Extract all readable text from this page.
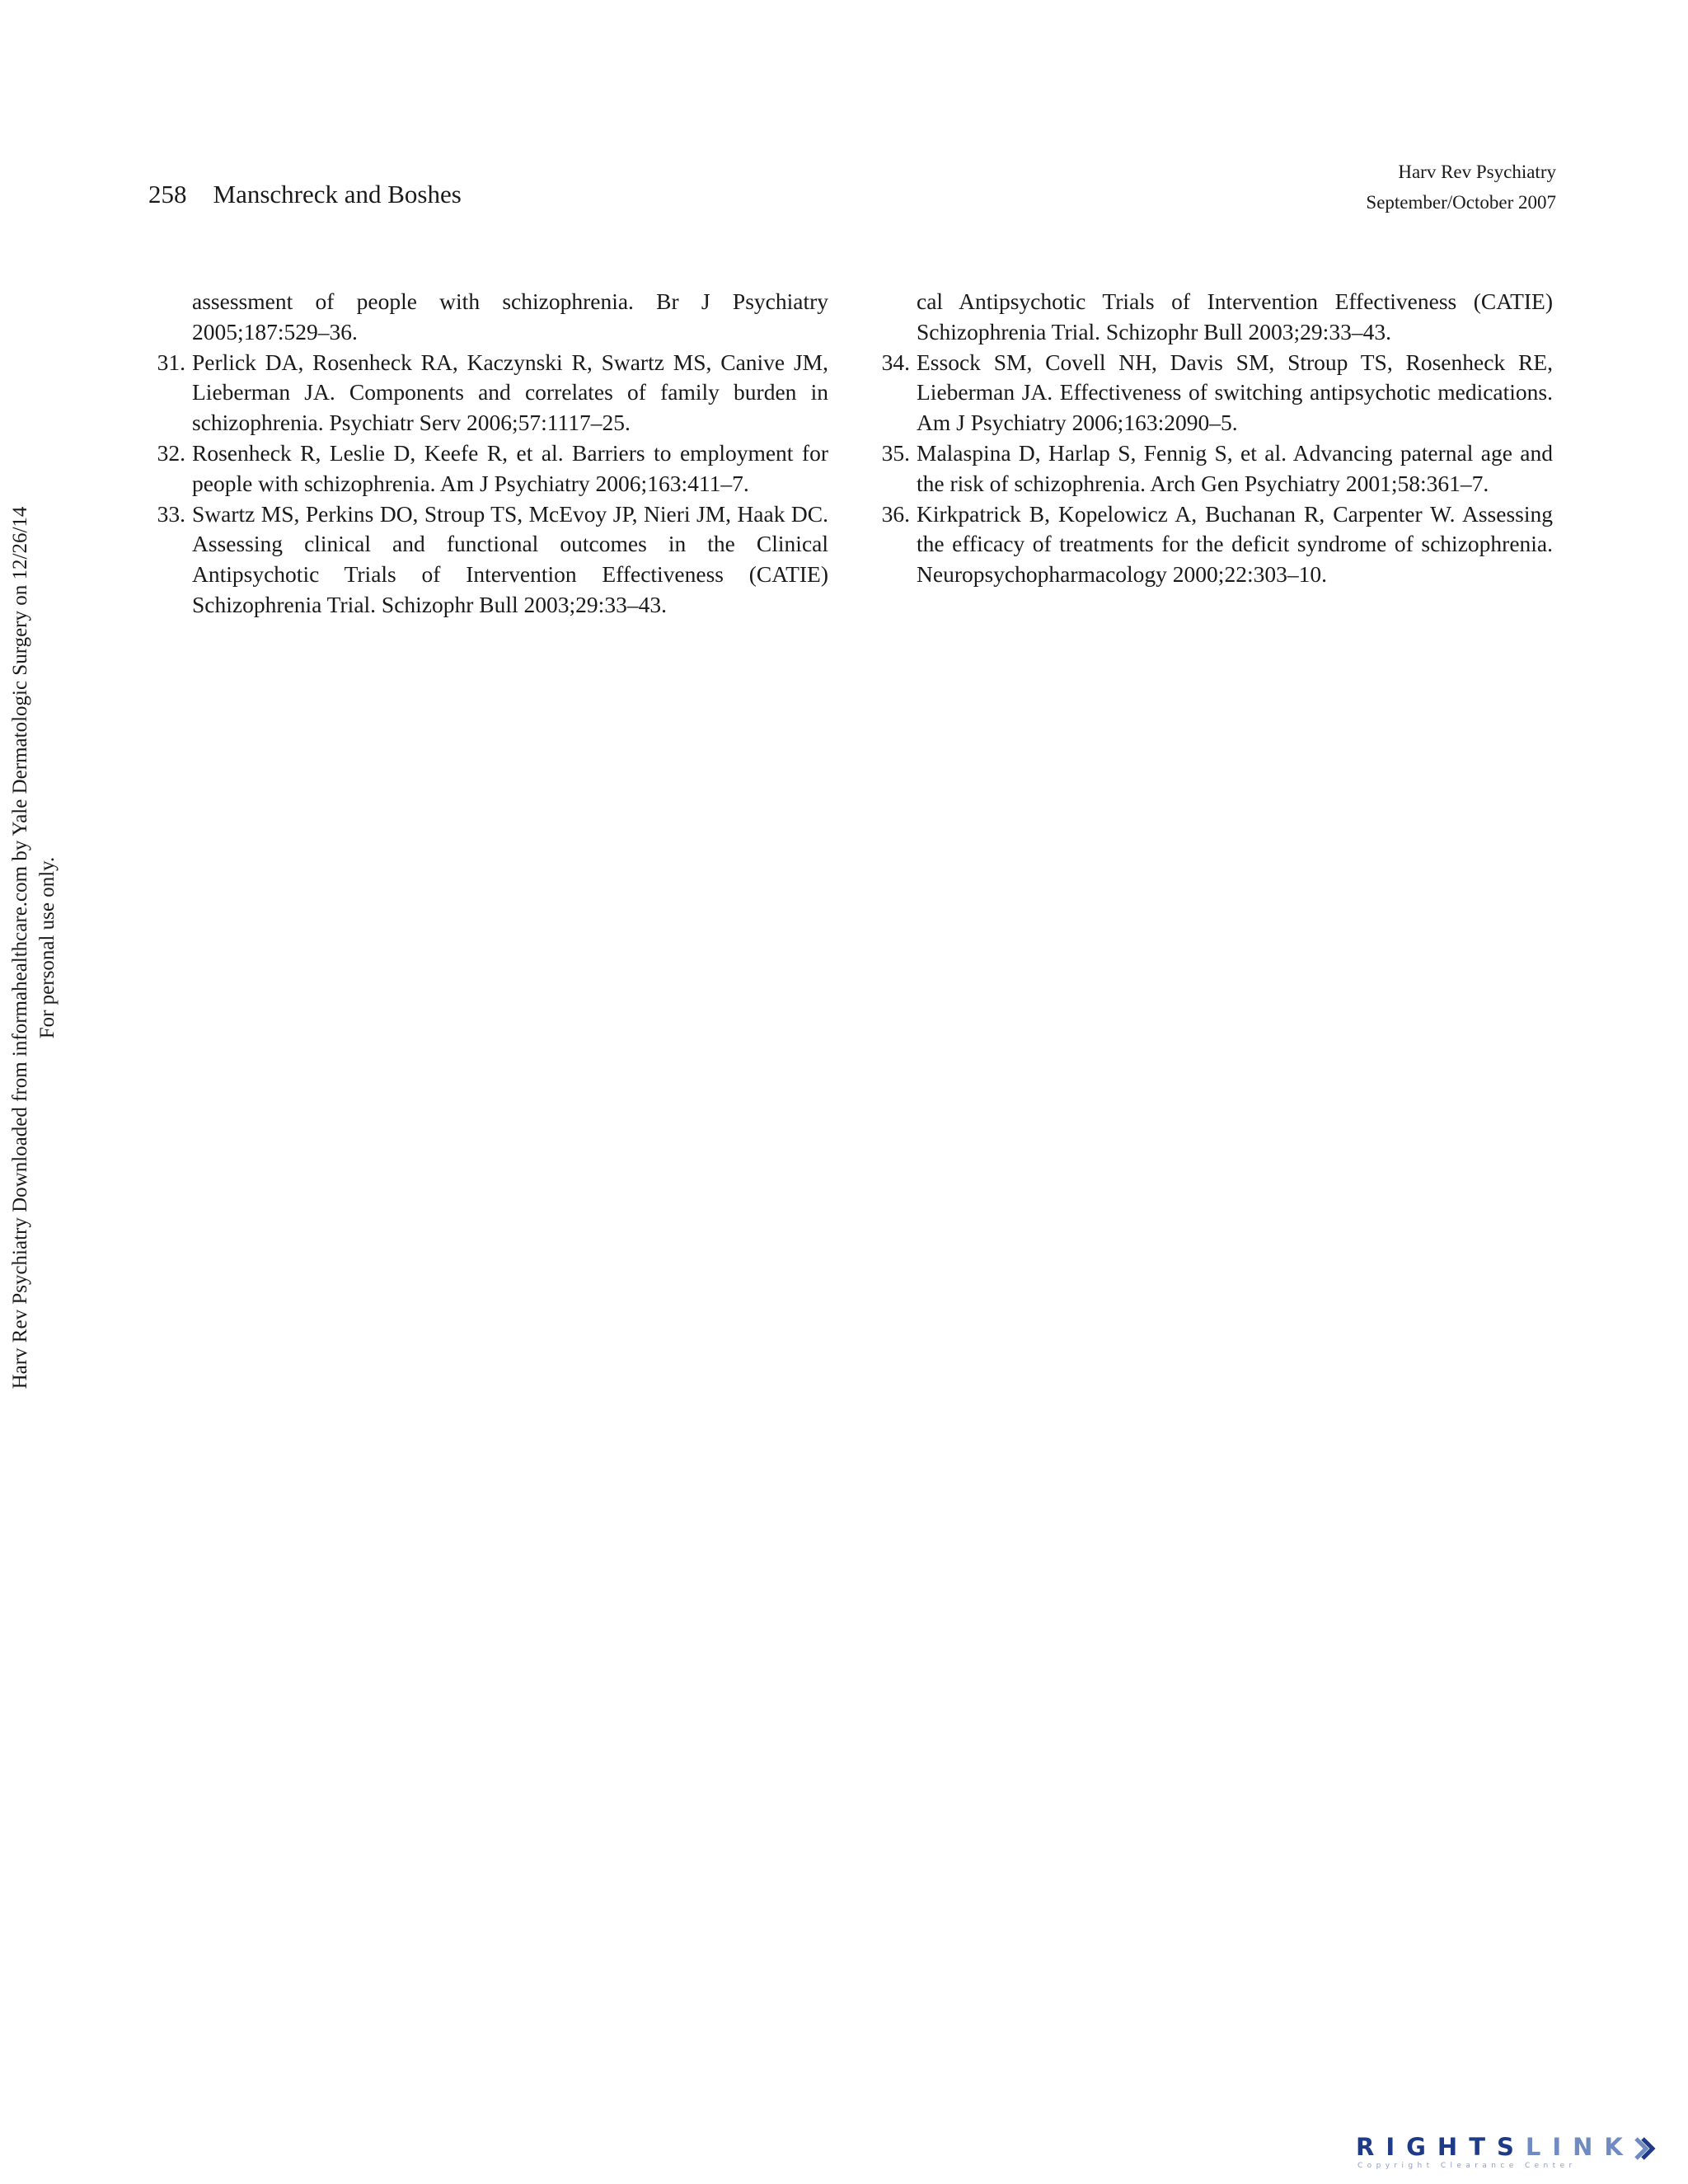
258 Manschreck and Boshes
Harv Rev Psychiatry
September/October 2007
assessment of people with schizophrenia. Br J Psychiatry 2005;187:529–36.
31. Perlick DA, Rosenheck RA, Kaczynski R, Swartz MS, Canive JM, Lieberman JA. Components and correlates of family burden in schizophrenia. Psychiatr Serv 2006;57:1117–25.
32. Rosenheck R, Leslie D, Keefe R, et al. Barriers to employment for people with schizophrenia. Am J Psychiatry 2006;163:411–7.
33. Swartz MS, Perkins DO, Stroup TS, McEvoy JP, Nieri JM, Haak DC. Assessing clinical and functional outcomes in the Clinical Antipsychotic Trials of Intervention Effectiveness (CATIE) Schizophrenia Trial. Schizophr Bull 2003;29:33–43.
cal Antipsychotic Trials of Intervention Effectiveness (CATIE) Schizophrenia Trial. Schizophr Bull 2003;29:33–43.
34. Essock SM, Covell NH, Davis SM, Stroup TS, Rosenheck RE, Lieberman JA. Effectiveness of switching antipsychotic medications. Am J Psychiatry 2006;163:2090–5.
35. Malaspina D, Harlap S, Fennig S, et al. Advancing paternal age and the risk of schizophrenia. Arch Gen Psychiatry 2001;58:361–7.
36. Kirkpatrick B, Kopelowicz A, Buchanan R, Carpenter W. Assessing the efficacy of treatments for the deficit syndrome of schizophrenia. Neuropsychopharmacology 2000;22:303–10.
Harv Rev Psychiatry Downloaded from informahealthcare.com by Yale Dermatologic Surgery on 12/26/14 For personal use only.
RIGHTSLINK
Copyright Clearance Center
